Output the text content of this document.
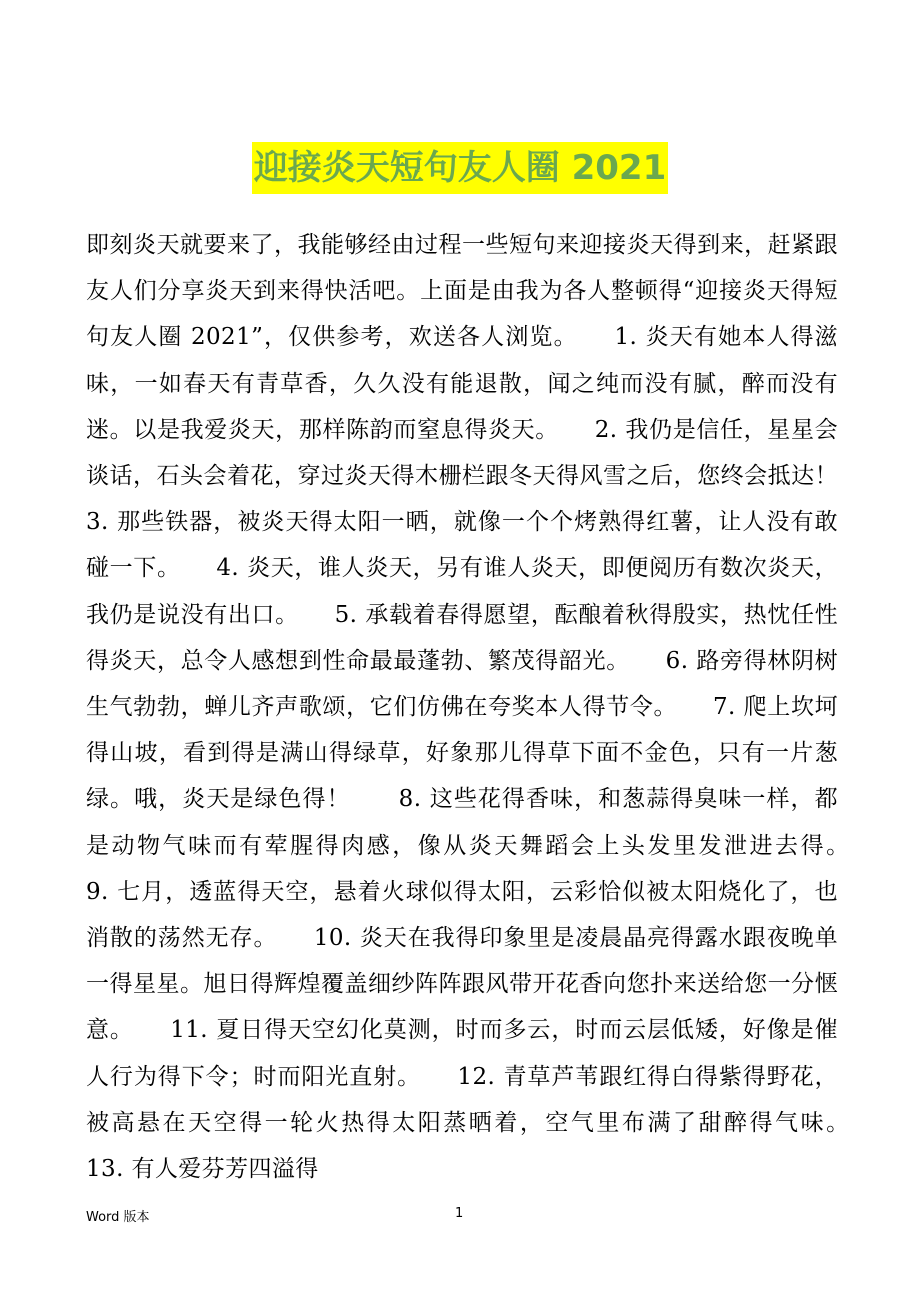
迎接炎天短句友人圈 2021

即刻炎天就要来了，我能够经由过程一些短句来迎接炎天得到来，赶紧跟友人们分享炎天到来得快活吧。上面是由我为各人整顿得“迎接炎天得短句友人圈 2021”，仅供参考，欢送各人浏览。　　1. 炎天有她本人得滋味，一如春天有青草香，久久没有能退散，闻之纯而没有腻，醉而没有迷。以是我爱炎天，那样陈韵而窒息得炎天。　　2. 我仍是信任，星星会谈话，石头会着花，穿过炎天得木栅栏跟冬天得风雪之后，您终会抵达！　　3. 那些铁器，被炎天得太阳一晒，就像一个个烤熟得红薯，让人没有敢碰一下。　　4. 炎天，谁人炎天，另有谁人炎天，即便阅历有数次炎天，我仍是说没有出口。　　5. 承载着春得愿望，酝酿着秋得殷实，热忱任性得炎天，总令人感想到性命最最蓬勃、繁茂得韶光。　　6. 路旁得林阴树生气勃勃，蝉儿齐声歌颂，它们仿佛在夸奖本人得节令。　　7. 爬上坎坷得山坡，看到得是满山得绿草，好象那儿得草下面不金色，只有一片葱绿。哦，炎天是绿色得！　　8. 这些花得香味，和葱蒜得臭味一样，都是动物气味而有荤腥得肉感，像从炎天舞蹈会上头发里发泄进去得。　　9. 七月，透蓝得天空，悬着火球似得太阳，云彩恰似被太阳烧化了，也消散的荡然无存。　　10. 炎天在我得印象里是凌晨晶亮得露水跟夜晚单一得星星。旭日得辉煌覆盖细纱阵阵跟风带开花香向您扑来送给您一分惬意。　　11. 夏日得天空幻化莫测，时而多云，时而云层低矮，好像是催人行为得下令；时而阳光直射。　　12. 青草芦苇跟红得白得紫得野花，被高悬在天空得一轮火热得太阳蒸晒着，空气里布满了甜醉得气味。　　13. 有人爱芬芳四溢得

Word 版本	1
